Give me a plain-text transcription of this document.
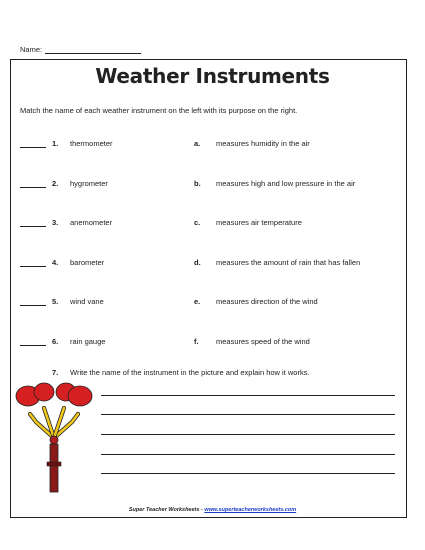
Name:
Weather Instruments
Match the name of each weather instrument on the left with its purpose on the right.
1. thermometer	a. measures humidity in the air
2. hygrometer	b. measures high and low pressure in the air
3. anemometer	c. measures air temperature
4. barometer	d. measures the amount of rain that has fallen
5. wind vane	e. measures direction of the wind
6. rain gauge	f. measures speed of the wind
7. Write the name of the instrument in the picture and explain how it works.
Super Teacher Worksheets - www.superteacherworksheets.com
